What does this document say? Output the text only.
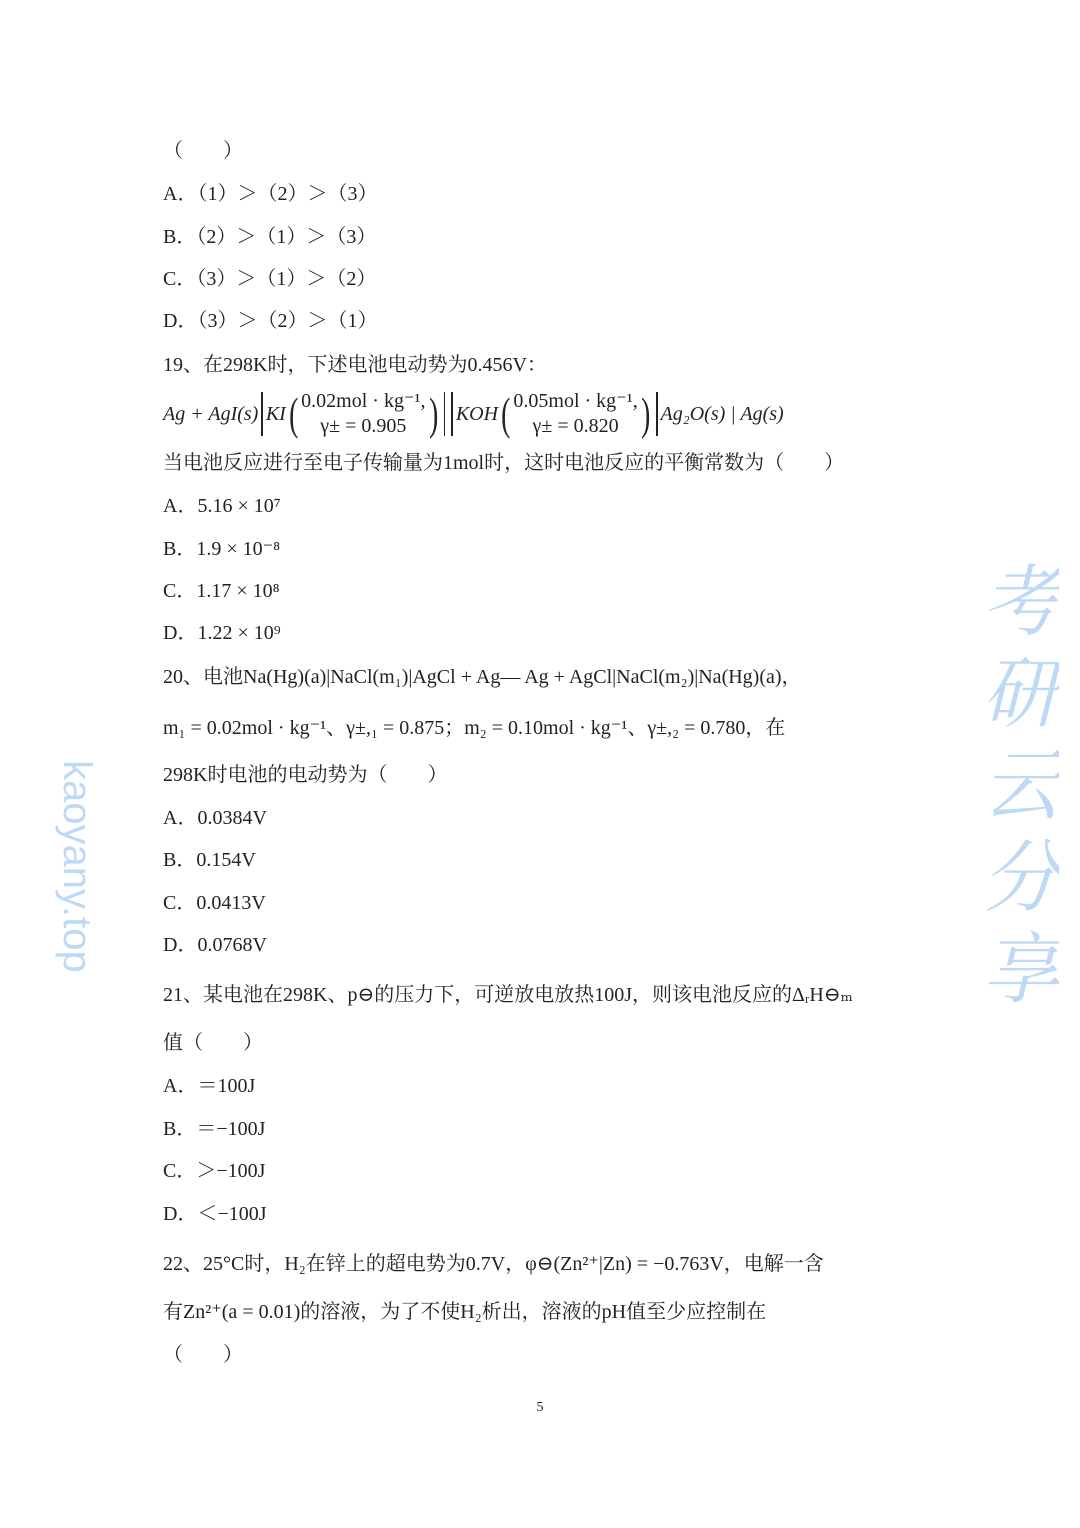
（　　）
A．（1）＞（2）＞（3）
B．（2）＞（1）＞（3）
C．（3）＞（1）＞（2）
D．（3）＞（2）＞（1）
19、在298K时，下述电池电动势为0.456V：
Ag + AgI(s) KI ( 0.02mol · kg⁻¹,
γ± = 0.905 ) KOH ( 0.05mol · kg⁻¹,
γ± = 0.820 ) Ag₂O(s) | Ag(s)
当电池反应进行至电子传输量为1mol时，这时电池反应的平衡常数为（　　）
A．5.16 × 10⁷
B．1.9 × 10⁻⁸
C．1.17 × 10⁸
D．1.22 × 10⁹
20、电池Na(Hg)(a)|NaCl(m₁)|AgCl + Ag— Ag + AgCl|NaCl(m₂)|Na(Hg)(a)，
m₁ = 0.02mol · kg⁻¹、γ±,₁ = 0.875；m₂ = 0.10mol · kg⁻¹、γ±,₂ = 0.780，在
298K时电池的电动势为（　　）
A．0.0384V
B．0.154V
C．0.0413V
D．0.0768V
21、某电池在298K、p⊖的压力下，可逆放电放热100J，则该电池反应的ΔᵣH⊖ₘ
值（　　）
A．＝100J
B．＝−100J
C．＞−100J
D．＜−100J
22、25°C时，H₂在锌上的超电势为0.7V，φ⊖(Zn²⁺|Zn) = −0.763V，电解一含
有Zn²⁺(a = 0.01)的溶液，为了不使H₂析出，溶液的pH值至少应控制在
（　　）
5
考研云分享
kaoyany.top
